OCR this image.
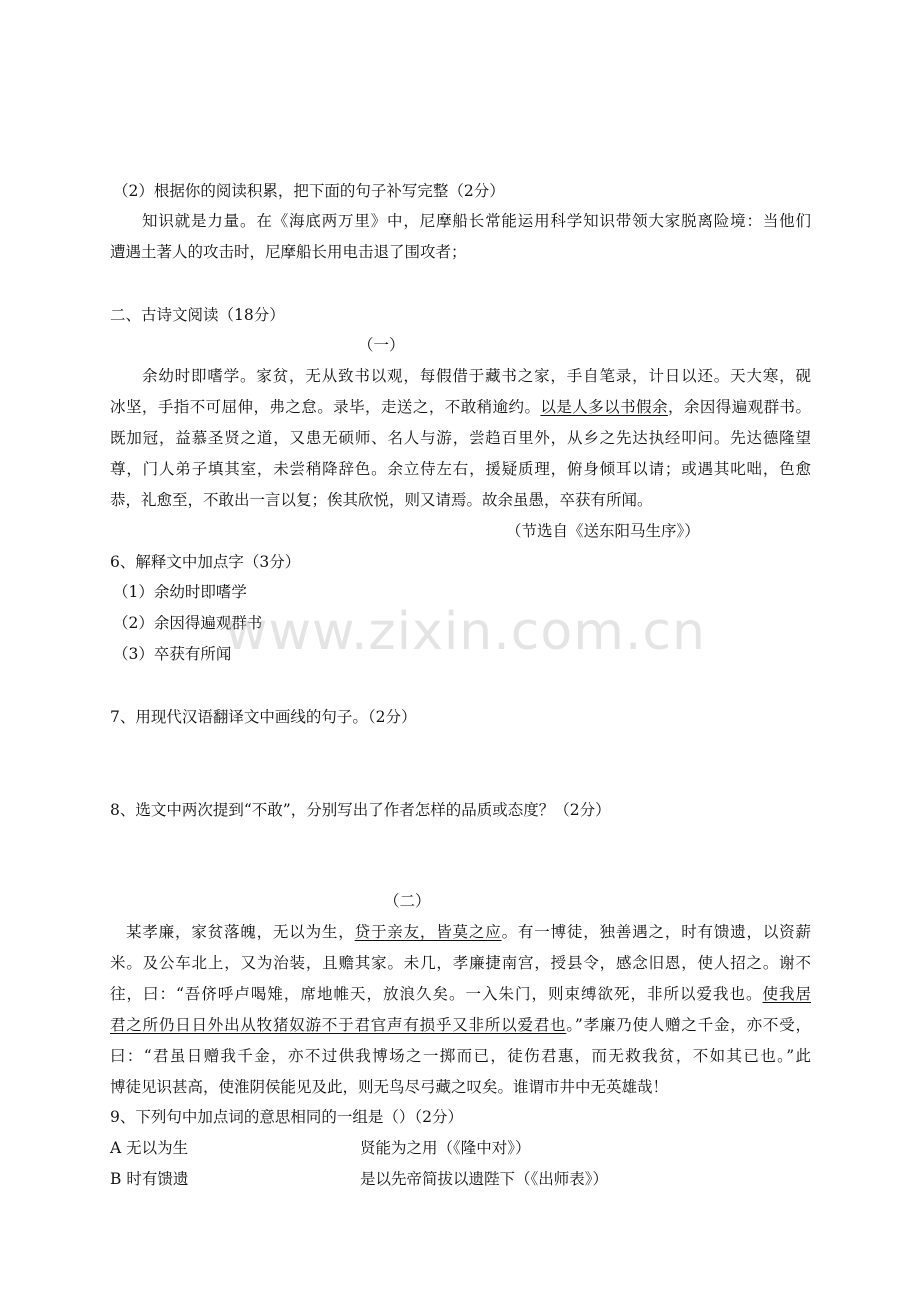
（2）根据你的阅读积累，把下面的句子补写完整（2分）
知识就是力量。在《海底两万里》中，尼摩船长常能运用科学知识带领大家脱离险境：当他们
遭遇土著人的攻击时，尼摩船长用电击退了围攻者；
二、古诗文阅读（18分）
（一）
余幼时即嗜学。家贫，无从致书以观，每假借于藏书之家，手自笔录，计日以还。天大寒，砚
冰坚，手指不可屈伸，弗之怠。录毕，走送之，不敢稍逾约。以是人多以书假余，余因得遍观群书。
既加冠，益慕圣贤之道，又患无硕师、名人与游，尝趋百里外，从乡之先达执经叩问。先达德隆望
尊，门人弟子填其室，未尝稍降辞色。余立侍左右，援疑质理，俯身倾耳以请；或遇其叱咄，色愈
恭，礼愈至，不敢出一言以复；俟其欣悦，则又请焉。故余虽愚，卒获有所闻。
（节选自《送东阳马生序》）
6、解释文中加点字（3分）
（1）余幼时即嗜学
（2）余因得遍观群书
（3）卒获有所闻
www.zixin.com.cn
7、用现代汉语翻译文中画线的句子。（2分）
8、选文中两次提到“不敢”，分别写出了作者怎样的品质或态度？（2分）
（二）
某孝廉，家贫落魄，无以为生，贷于亲友，皆莫之应。有一博徒，独善遇之，时有馈遗，以资薪
米。及公车北上，又为治装，且赡其家。未几，孝廉捷南宫，授县令，感念旧恩，使人招之。谢不
往，曰：“吾侪呼卢喝雉，席地帷天，放浪久矣。一入朱门，则束缚欲死，非所以爱我也。使我居
君之所仍日日外出从牧猪奴游不于君官声有损乎又非所以爱君也。”孝廉乃使人赠之千金，亦不受，
曰：“君虽日赠我千金，亦不过供我博场之一掷而已，徒伤君惠，而无救我贫，不如其已也。”此
博徒见识甚高，使淮阴侯能见及此，则无鸟尽弓藏之叹矣。谁谓市井中无英雄哉！
9、下列句中加点词的意思相同的一组是（）（2分）
A 无以为生	贤能为之用（《隆中对》）
B 时有馈遗	是以先帝简拔以遗陛下（《出师表》）
